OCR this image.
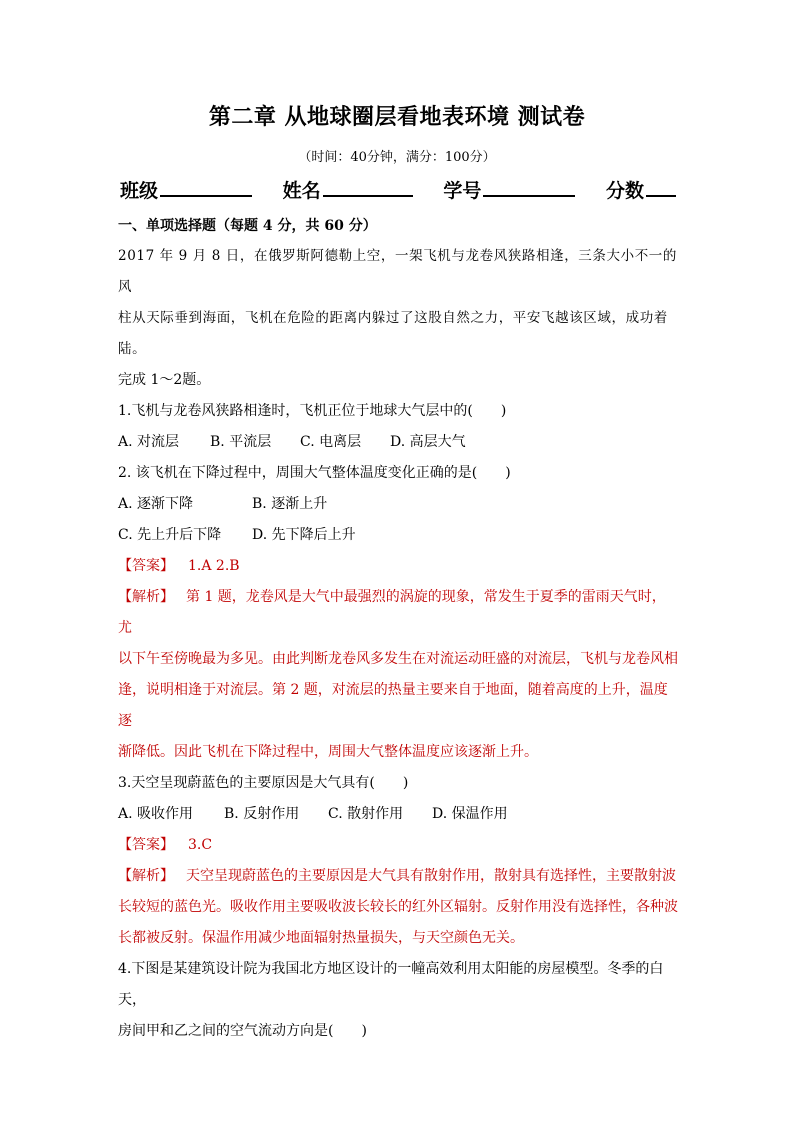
第二章 从地球圈层看地表环境 测试卷
（时间：40分钟，满分：100分）
班级	姓名	学号	分数

一、单项选择题（每题 4 分，共 60 分）

2017 年 9 月 8 日，在俄罗斯阿德勒上空，一架飞机与龙卷风狭路相逢，三条大小不一的风

柱从天际垂到海面，飞机在危险的距离内躲过了这股自然之力，平安飞越该区域，成功着陆。

完成 1～2题。

1.飞机与龙卷风狭路相逢时，飞机正位于地球大气层中的(　　)

A. 对流层	B. 平流层	C. 电离层	D. 高层大气

2. 该飞机在下降过程中，周围大气整体温度变化正确的是(　　)

A. 逐渐下降	B. 逐渐上升
C. 先上升后下降	D. 先下降后上升

【答案】 1.A 2.B

【解析】 第 1 题，龙卷风是大气中最强烈的涡旋的现象，常发生于夏季的雷雨天气时，尤

以下午至傍晚最为多见。由此判断龙卷风多发生在对流运动旺盛的对流层，飞机与龙卷风相

逢，说明相逢于对流层。第 2 题，对流层的热量主要来自于地面，随着高度的上升，温度逐

渐降低。因此飞机在下降过程中，周围大气整体温度应该逐渐上升。

3.天空呈现蔚蓝色的主要原因是大气具有(　　)

A. 吸收作用	B. 反射作用	C. 散射作用	D. 保温作用

【答案】 3.C

【解析】 天空呈现蔚蓝色的主要原因是大气具有散射作用，散射具有选择性，主要散射波

长较短的蓝色光。吸收作用主要吸收波长较长的红外区辐射。反射作用没有选择性，各种波

长都被反射。保温作用减少地面辐射热量损失，与天空颜色无关。

4.下图是某建筑设计院为我国北方地区设计的一幢高效利用太阳能的房屋模型。冬季的白天，

房间甲和乙之间的空气流动方向是(　　)
